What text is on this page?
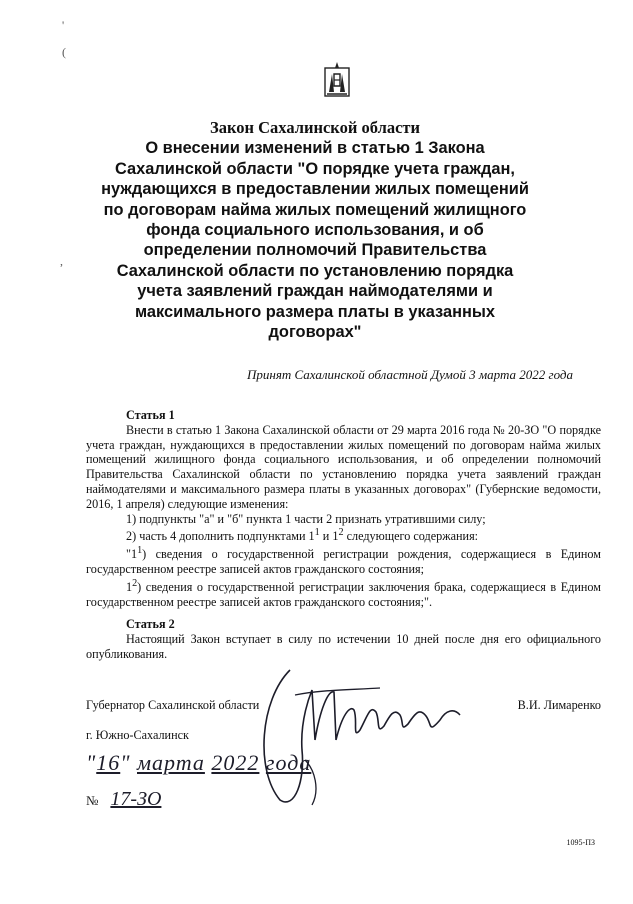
'
(
,
Закон Сахалинской области
О внесении изменений в статью 1 Закона
Сахалинской области "О порядке учета граждан,
нуждающихся в предоставлении жилых помещений
по договорам найма жилых помещений жилищного
фонда социального использования, и об
определении полномочий Правительства
Сахалинской области по установлению порядка
учета заявлений граждан наймодателями и
максимального размера платы в указанных
договорах"
Принят Сахалинской областной Думой 3 марта 2022 года
Статья 1
Внести в статью 1 Закона Сахалинской области от 29 марта 2016 года № 20-ЗО "О порядке учета граждан, нуждающихся в предоставлении жилых помещений по договорам найма жилых помещений жилищного фонда социального использования, и об определении полномочий Правительства Сахалинской области по установлению порядка учета заявлений граждан наймодателями и максимального размера платы в указанных договорах" (Губернские ведомости, 2016, 1 апреля) следующие изменения:
1) подпункты "а" и "б" пункта 1 части 2 признать утратившими силу;
2) часть 4 дополнить подпунктами $1^1$ и $1^2$ следующего содержания:
"$1^1$) сведения о государственной регистрации рождения, содержащиеся в Едином государственном реестре записей актов гражданского состояния;
$1^2$) сведения о государственной регистрации заключения брака, содержащиеся в Едином государственном реестре записей актов гражданского состояния;".
Статья 2
Настоящий Закон вступает в силу по истечении 10 дней после дня его официального опубликования.
Губернатор Сахалинской области	В.И. Лимаренко
г. Южно-Сахалинск
"16" марта 2022 года
№ 17-ЗО
1095-ПЗ
